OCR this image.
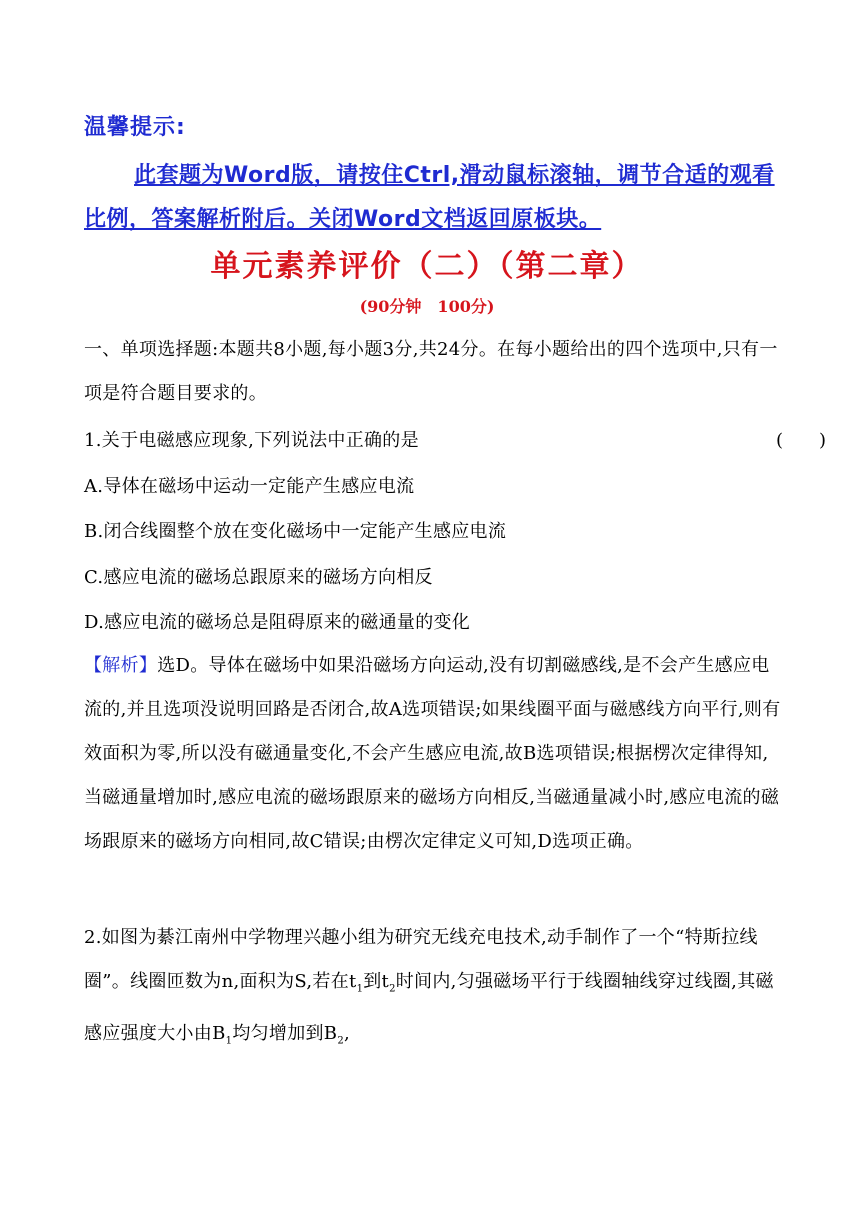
温馨提示:
此套题为Word版，请按住Ctrl,滑动鼠标滚轴，调节合适的观看比例，答案解析附后。关闭Word文档返回原板块。
单元素养评价（二）（第二章）
(90分钟　100分)
一、单项选择题:本题共8小题,每小题3分,共24分。在每小题给出的四个选项中,只有一项是符合题目要求的。
1.关于电磁感应现象,下列说法中正确的是	(　　)
A.导体在磁场中运动一定能产生感应电流
B.闭合线圈整个放在变化磁场中一定能产生感应电流
C.感应电流的磁场总跟原来的磁场方向相反
D.感应电流的磁场总是阻碍原来的磁通量的变化
【解析】选D。导体在磁场中如果沿磁场方向运动,没有切割磁感线,是不会产生感应电流的,并且选项没说明回路是否闭合,故A选项错误;如果线圈平面与磁感线方向平行,则有效面积为零,所以没有磁通量变化,不会产生感应电流,故B选项错误;根据楞次定律得知,当磁通量增加时,感应电流的磁场跟原来的磁场方向相反,当磁通量减小时,感应电流的磁场跟原来的磁场方向相同,故C错误;由楞次定律定义可知,D选项正确。
2.如图为綦江南州中学物理兴趣小组为研究无线充电技术,动手制作了一个“特斯拉线圈”。线圈匝数为n,面积为S,若在$t_1$到$t_2$时间内,匀强磁场平行于线圈轴线穿过线圈,其磁感应强度大小由$B_1$均匀增加到$B_2$,
